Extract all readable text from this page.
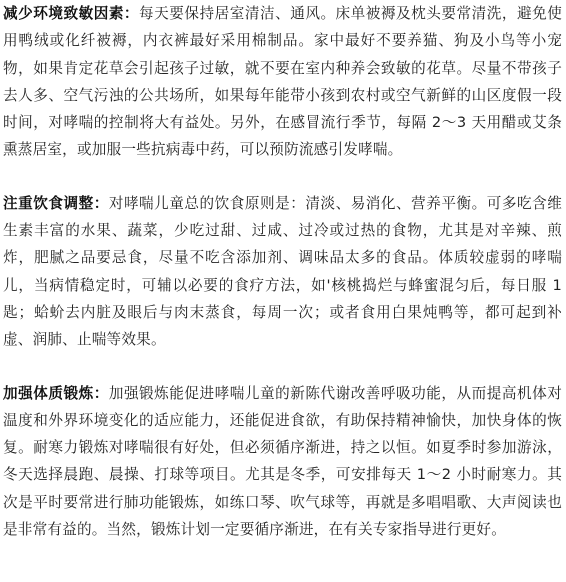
减少环境致敏因素：每天要保持居室清洁、通风。床单被褥及枕头要常清洗，避免使用鸭绒或化纤被褥，内衣裤最好采用棉制品。家中最好不要养猫、狗及小鸟等小宠物，如果肯定花草会引起孩子过敏，就不要在室内种养会致敏的花草。尽量不带孩子去人多、空气污浊的公共场所，如果每年能带小孩到农村或空气新鲜的山区度假一段时间，对哮喘的控制将大有益处。另外，在感冒流行季节，每隔 2～3 天用醋或艾条熏蒸居室，或加服一些抗病毒中药，可以预防流感引发哮喘。

注重饮食调整：对哮喘儿童总的饮食原则是：清淡、易消化、营养平衡。可多吃含维生素丰富的水果、蔬菜，少吃过甜、过咸、过冷或过热的食物，尤其是对辛辣、煎炸，肥腻之品要忌食，尽量不吃含添加剂、调味品太多的食品。体质较虚弱的哮喘儿，当病情稳定时，可辅以必要的食疗方法，如'核桃捣烂与蜂蜜混匀后，每日服 1 匙；蛤蚧去内脏及眼后与肉末蒸食，每周一次；或者食用白果炖鸭等，都可起到补虚、润肺、止喘等效果。

加强体质锻炼：加强锻炼能促进哮喘儿童的新陈代谢改善呼吸功能，从而提高机体对温度和外界环境变化的适应能力，还能促进食欲，有助保持精神愉快，加快身体的恢复。耐寒力锻炼对哮喘很有好处，但必须循序渐进，持之以恒。如夏季时参加游泳，冬天选择晨跑、晨操、打球等项目。尤其是冬季，可安排每天 1～2 小时耐寒力。其次是平时要常进行肺功能锻炼，如练口琴、吹气球等，再就是多唱唱歌、大声阅读也是非常有益的。当然，锻炼计划一定要循序渐进，在有关专家指导进行更好。
